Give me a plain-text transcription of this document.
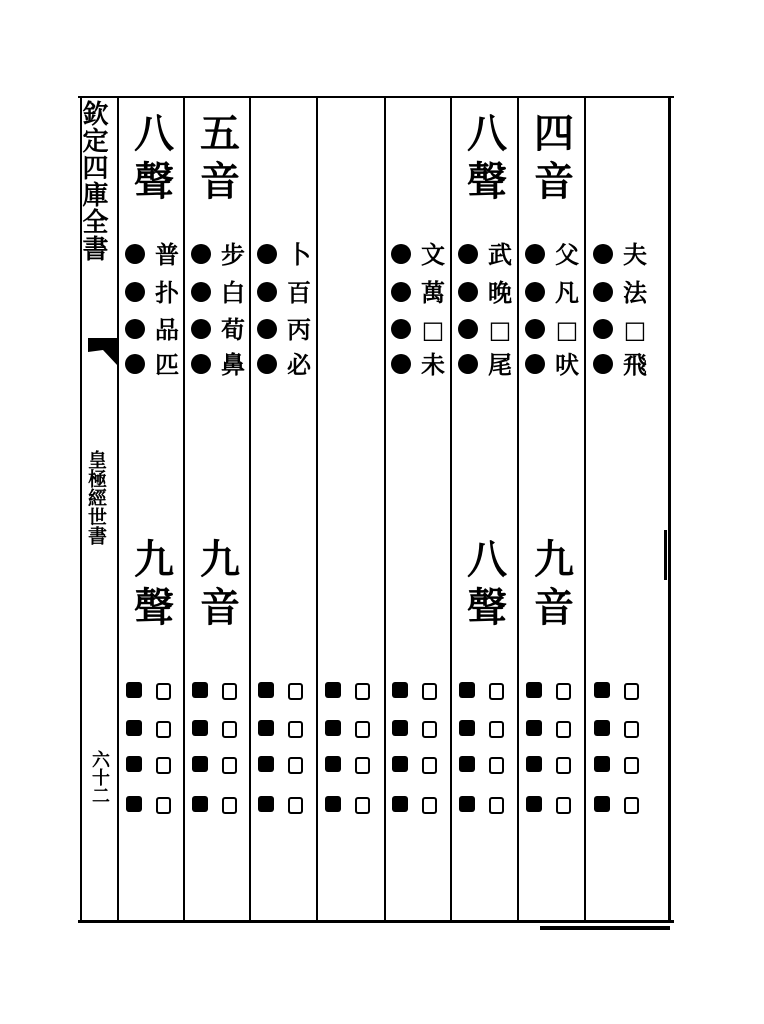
欽定四庫全書
皇極經世書
六十二
八
聲
普
扑
品
匹
九
聲
五
音
步
白
荀
鼻
九
音
卜
百
丙
必
文
萬
□
未
八
聲
武
晚
□
尾
八
聲
四
音
父
凡
□
吠
九
音
夫
法
□
飛
